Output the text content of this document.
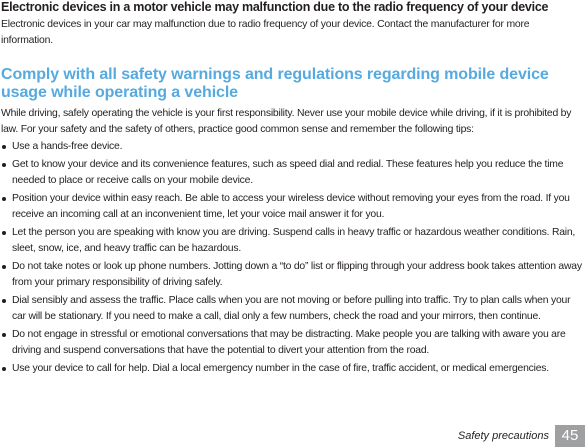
Electronic devices in a motor vehicle may malfunction due to the radio frequency of your device

Electronic devices in your car may malfunction due to radio frequency of your device. Contact the manufacturer for more information.

Comply with all safety warnings and regulations regarding mobile device usage while operating a vehicle

While driving, safely operating the vehicle is your first responsibility. Never use your mobile device while driving, if it is prohibited by law. For your safety and the safety of others, practice good common sense and remember the following tips:

Use a hands-free device.
Get to know your device and its convenience features, such as speed dial and redial. These features help you reduce the time needed to place or receive calls on your mobile device.
Position your device within easy reach. Be able to access your wireless device without removing your eyes from the road. If you receive an incoming call at an inconvenient time, let your voice mail answer it for you.
Let the person you are speaking with know you are driving. Suspend calls in heavy traffic or hazardous weather conditions. Rain, sleet, snow, ice, and heavy traffic can be hazardous.
Do not take notes or look up phone numbers. Jotting down a “to do” list or flipping through your address book takes attention away from your primary responsibility of driving safely.
Dial sensibly and assess the traffic. Place calls when you are not moving or before pulling into traffic. Try to plan calls when your car will be stationary. If you need to make a call, dial only a few numbers, check the road and your mirrors, then continue.
Do not engage in stressful or emotional conversations that may be distracting. Make people you are talking with aware you are driving and suspend conversations that have the potential to divert your attention from the road.
Use your device to call for help. Dial a local emergency number in the case of fire, traffic accident, or medical emergencies.
Safety precautions 45
